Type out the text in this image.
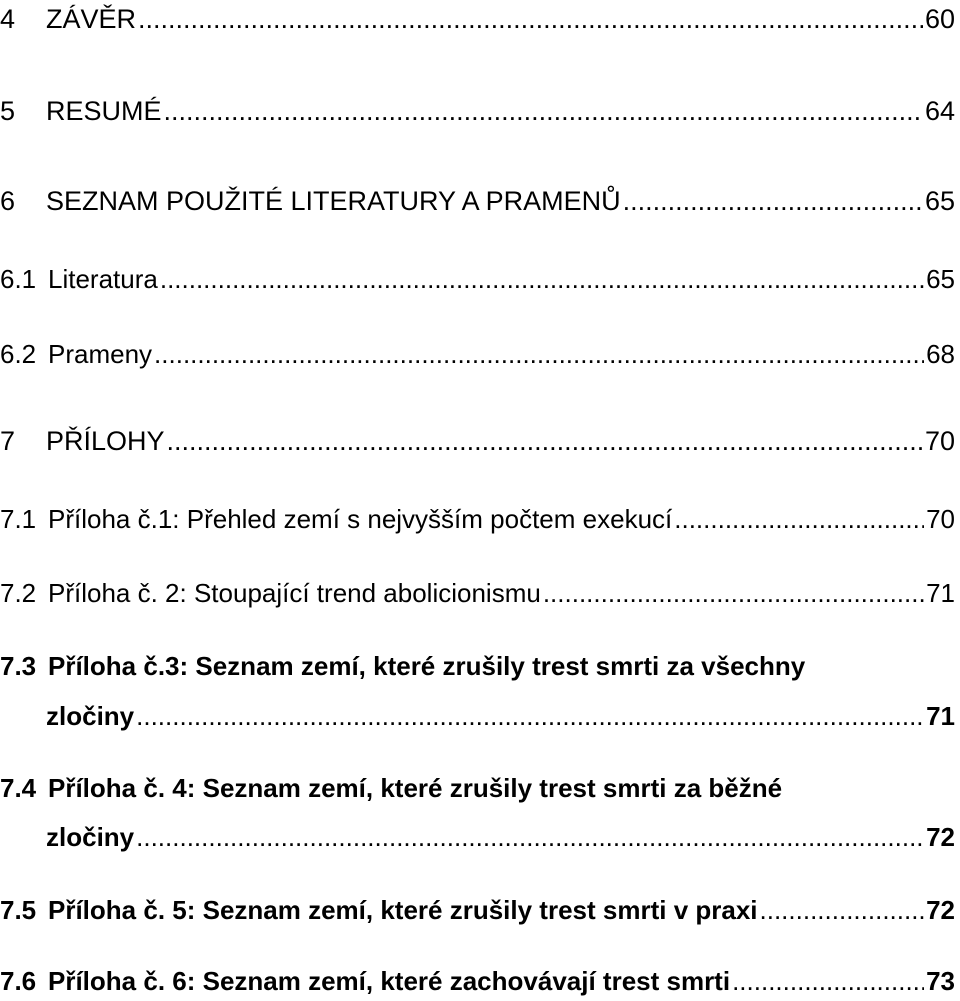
4	ZÁVĚR .....	60
5	RESUMÉ .....	64
6	SEZNAM POUŽITÉ LITERATURY A PRAMENŮ .....	65
6.1 Literatura .....	65
6.2 Prameny .....	68
7	PŘÍLOHY .....	70
7.1 Příloha č.1: Přehled zemí s nejvyšším počtem exekucí .....	70
7.2 Příloha č. 2: Stoupající trend abolicionismu .....	71
7.3 Příloha č.3: Seznam zemí, které zrušily trest smrti za všechny
zločiny .....	71
7.4 Příloha č. 4: Seznam zemí, které zrušily trest smrti za běžné
zločiny .....	72
7.5 Příloha č. 5: Seznam zemí, které zrušily trest smrti v praxi .....	72
7.6 Příloha č. 6: Seznam zemí, které zachovávají trest smrti .....	73
